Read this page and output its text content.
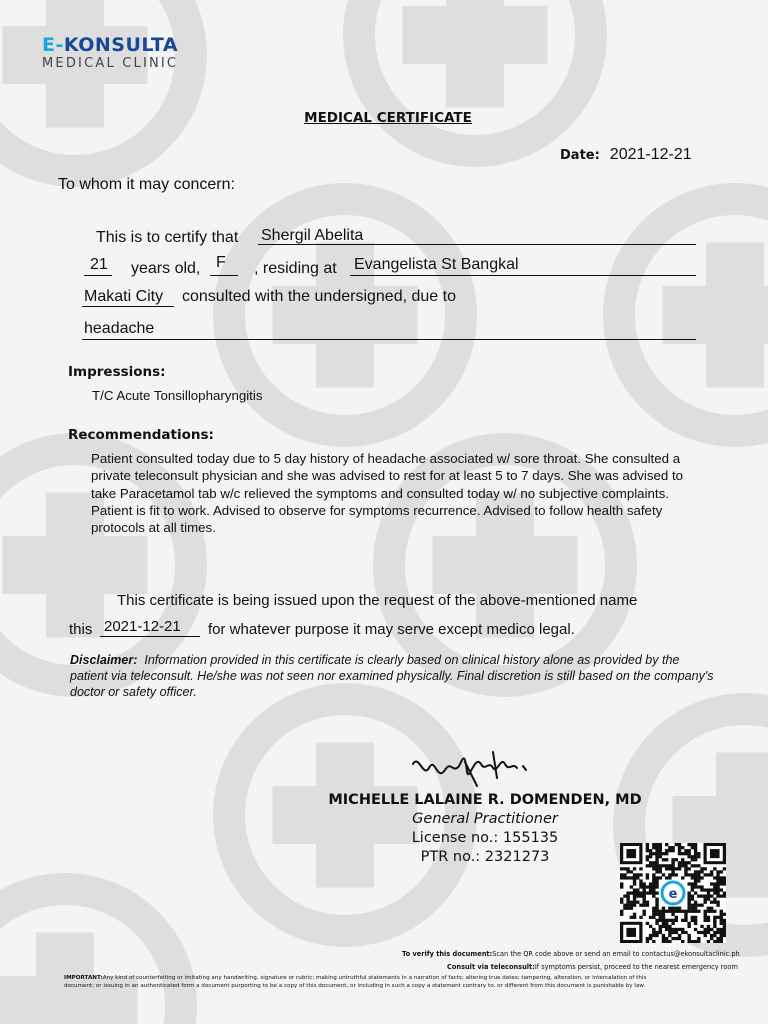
E-KONSULTA
MEDICAL CLINIC
MEDICAL CERTIFICATE
Date: 2021-12-21
To whom it may concern:
This is to certify that Shergil Abelita
21 years old, F , residing at Evangelista St Bangkal
Makati City consulted with the undersigned, due to
headache
Impressions:
T/C Acute Tonsillopharyngitis
Recommendations:
Patient consulted today due to 5 day history of headache associated w/ sore throat. She consulted a private teleconsult physician and she was advised to rest for at least 5 to 7 days. She was advised to take Paracetamol tab w/c relieved the symptoms and consulted today w/ no subjective complaints. Patient is fit to work. Advised to observe for symptoms recurrence. Advised to follow health safety protocols at all times.
This certificate is being issued upon the request of the above-mentioned name
this 2021-12-21 for whatever purpose it may serve except medico legal.
Disclaimer: Information provided in this certificate is clearly based on clinical history alone as provided by the patient via teleconsult. He/she was not seen nor examined physically. Final discretion is still based on the company's doctor or safety officer.
MICHELLE LALAINE R. DOMENDEN, MD
General Practitioner
License no.: 155135
PTR no.: 2321273
e
To verify this document:Scan the QR code above or send an email to contactus@ekonsultaclinic.ph
Consult via teleconsult:If symptoms persist, proceed to the nearest emergency room
IMPORTANT:Any kind of counterfeiting or imitating any handwriting, signature or rubric; making untruthful statements in a narration of facts; altering true dates; tampering, alteration, or intercalation of this
document; or issuing in an authenticated form a document purporting to be a copy of this document, or including in such a copy a statement contrary to, or different from this document is punishable by law.
